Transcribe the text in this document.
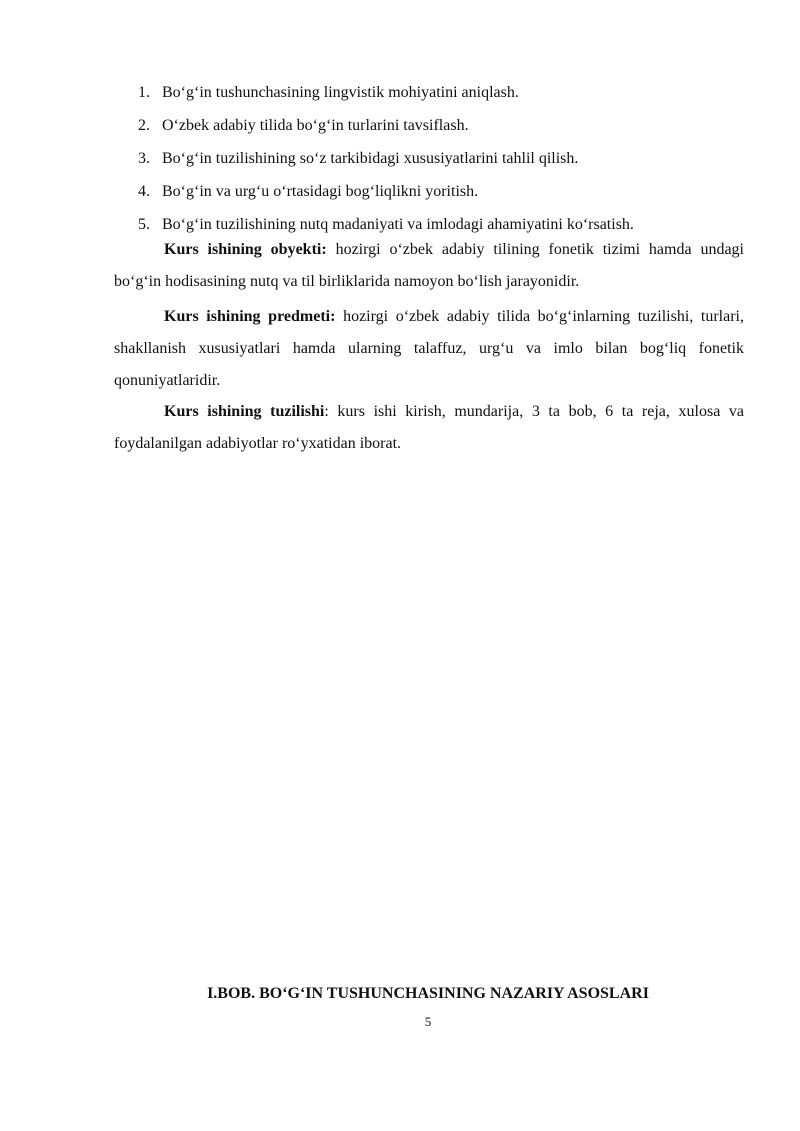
1. Bo‘g‘in tushunchasining lingvistik mohiyatini aniqlash.
2. O‘zbek adabiy tilida bo‘g‘in turlarini tavsiflash.
3. Bo‘g‘in tuzilishining so‘z tarkibidagi xususiyatlarini tahlil qilish.
4. Bo‘g‘in va urg‘u o‘rtasidagi bog‘liqlikni yoritish.
5. Bo‘g‘in tuzilishining nutq madaniyati va imlodagi ahamiyatini ko‘rsatish.

Kurs ishining obyekti: hozirgi o‘zbek adabiy tilining fonetik tizimi hamda undagi bo‘g‘in hodisasining nutq va til birliklarida namoyon bo‘lish jarayonidir.

Kurs ishining predmeti: hozirgi o‘zbek adabiy tilida bo‘g‘inlarning tuzilishi, turlari, shakllanish xususiyatlari hamda ularning talaffuz, urg‘u va imlo bilan bog‘liq fonetik qonuniyatlaridir.

Kurs ishining tuzilishi: kurs ishi kirish, mundarija, 3 ta bob, 6 ta reja, xulosa va foydalanilgan adabiyotlar ro‘yxatidan iborat.

I.BOB. BO‘G‘IN TUSHUNCHASINING NAZARIY ASOSLARI
5
